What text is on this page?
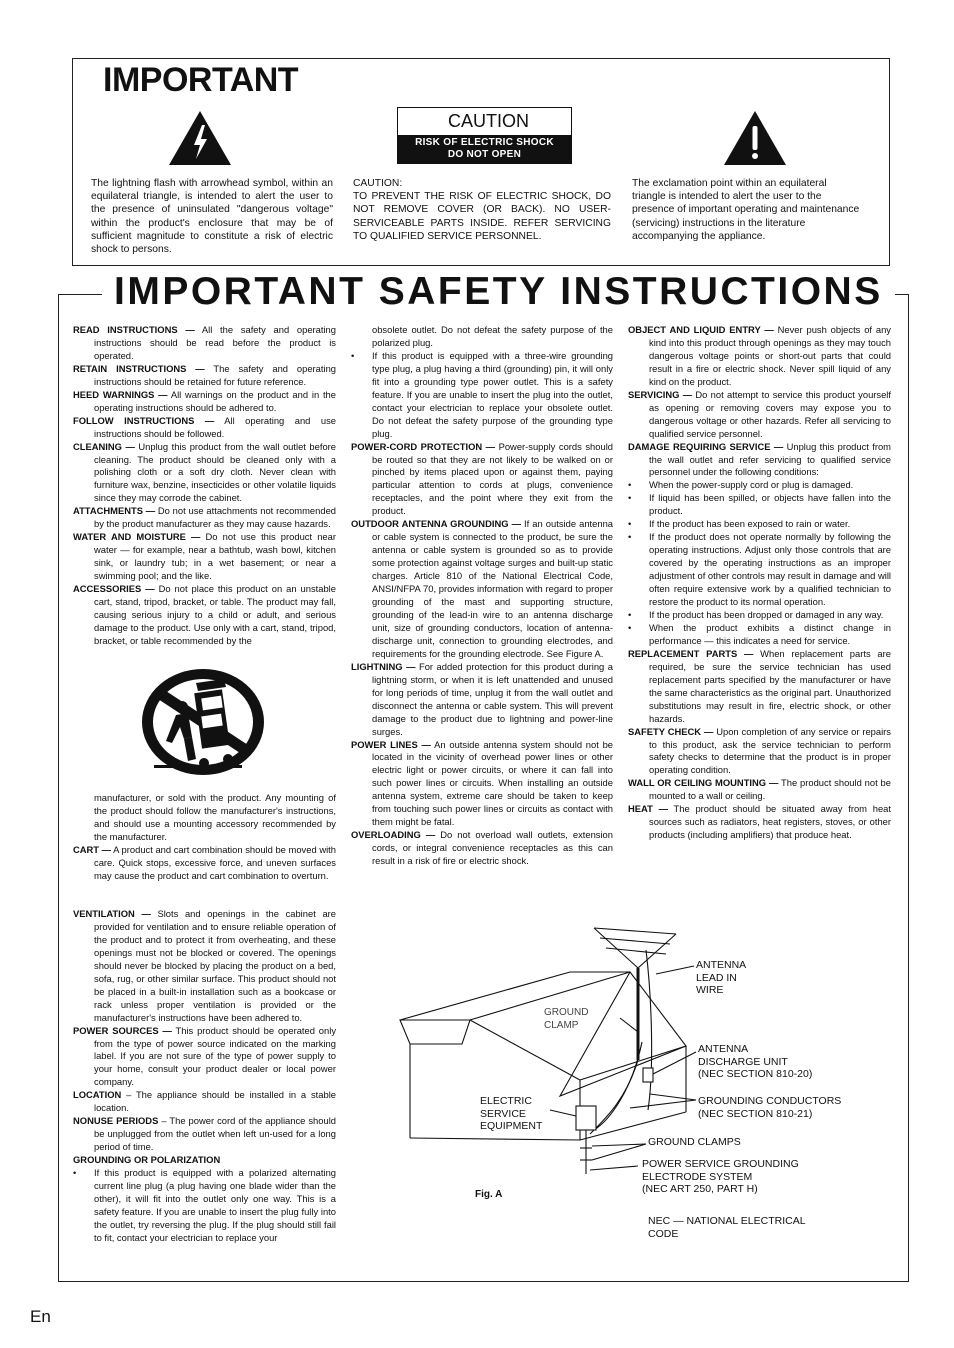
IMPORTANT
CAUTION
RISK OF ELECTRIC SHOCK
DO NOT OPEN
The lightning flash with arrowhead symbol, within an equilateral triangle, is intended to alert the user to the presence of uninsulated "dangerous voltage" within the product's enclosure that may be of sufficient magnitude to constitute a risk of electric shock to persons.
CAUTION:
TO PREVENT THE RISK OF ELECTRIC SHOCK, DO NOT REMOVE COVER (OR BACK). NO USER-SERVICEABLE PARTS INSIDE. REFER SERVICING TO QUALIFIED SERVICE PERSONNEL.
The exclamation point within an equilateral triangle is intended to alert the user to the presence of important operating and maintenance (servicing) instructions in the literature accompanying the appliance.
IMPORTANT SAFETY INSTRUCTIONS

READ INSTRUCTIONS — All the safety and operating instructions should be read before the product is operated.

RETAIN INSTRUCTIONS — The safety and operating instructions should be retained for future reference.

HEED WARNINGS — All warnings on the product and in the operating instructions should be adhered to.

FOLLOW INSTRUCTIONS — All operating and use instructions should be followed.

CLEANING — Unplug this product from the wall outlet before cleaning. The product should be cleaned only with a polishing cloth or a soft dry cloth. Never clean with furniture wax, benzine, insecticides or other volatile liquids since they may corrode the cabinet.

ATTACHMENTS — Do not use attachments not recommended by the product manufacturer as they may cause hazards.

WATER AND MOISTURE — Do not use this product near water — for example, near a bathtub, wash bowl, kitchen sink, or laundry tub; in a wet basement; or near a swimming pool; and the like.

ACCESSORIES — Do not place this product on an unstable cart, stand, tripod, bracket, or table. The product may fall, causing serious injury to a child or adult, and serious damage to the product. Use only with a cart, stand, tripod, bracket, or table recommended by the

manufacturer, or sold with the product. Any mounting of the product should follow the manufacturer's instructions, and should use a mounting accessory recommended by the manufacturer.

CART — A product and cart combination should be moved with care. Quick stops, excessive force, and uneven surfaces may cause the product and cart combination to overturn.

VENTILATION — Slots and openings in the cabinet are provided for ventilation and to ensure reliable operation of the product and to protect it from overheating, and these openings must not be blocked or covered. The openings should never be blocked by placing the product on a bed, sofa, rug, or other similar surface. This product should not be placed in a built-in installation such as a bookcase or rack unless proper ventilation is provided or the manufacturer's instructions have been adhered to.

POWER SOURCES — This product should be operated only from the type of power source indicated on the marking label. If you are not sure of the type of power supply to your home, consult your product dealer or local power company.

LOCATION – The appliance should be installed in a stable location.

NONUSE PERIODS – The power cord of the appliance should be unplugged from the outlet when left un-used for a long period of time.

GROUNDING OR POLARIZATION

• If this product is equipped with a polarized alternating current line plug (a plug having one blade wider than the other), it will fit into the outlet only one way. This is a safety feature. If you are unable to insert the plug fully into the outlet, try reversing the plug. If the plug should still fail to fit, contact your electrician to replace your

obsolete outlet. Do not defeat the safety purpose of the polarized plug.

• If this product is equipped with a three-wire grounding type plug, a plug having a third (grounding) pin, it will only fit into a grounding type power outlet. This is a safety feature. If you are unable to insert the plug into the outlet, contact your electrician to replace your obsolete outlet. Do not defeat the safety purpose of the grounding type plug.

POWER-CORD PROTECTION — Power-supply cords should be routed so that they are not likely to be walked on or pinched by items placed upon or against them, paying particular attention to cords at plugs, convenience receptacles, and the point where they exit from the product.

OUTDOOR ANTENNA GROUNDING — If an outside antenna or cable system is connected to the product, be sure the antenna or cable system is grounded so as to provide some protection against voltage surges and built-up static charges. Article 810 of the National Electrical Code, ANSI/NFPA 70, provides information with regard to proper grounding of the mast and supporting structure, grounding of the lead-in wire to an antenna discharge unit, size of grounding conductors, location of antenna-discharge unit, connection to grounding electrodes, and requirements for the grounding electrode. See Figure A.

LIGHTNING — For added protection for this product during a lightning storm, or when it is left unattended and unused for long periods of time, unplug it from the wall outlet and disconnect the antenna or cable system. This will prevent damage to the product due to lightning and power-line surges.

POWER LINES — An outside antenna system should not be located in the vicinity of overhead power lines or other electric light or power circuits, or where it can fall into such power lines or circuits. When installing an outside antenna system, extreme care should be taken to keep from touching such power lines or circuits as contact with them might be fatal.

OVERLOADING — Do not overload wall outlets, extension cords, or integral convenience receptacles as this can result in a risk of fire or electric shock.

OBJECT AND LIQUID ENTRY — Never push objects of any kind into this product through openings as they may touch dangerous voltage points or short-out parts that could result in a fire or electric shock. Never spill liquid of any kind on the product.

SERVICING — Do not attempt to service this product yourself as opening or removing covers may expose you to dangerous voltage or other hazards. Refer all servicing to qualified service personnel.

DAMAGE REQUIRING SERVICE — Unplug this product from the wall outlet and refer servicing to qualified service personnel under the following conditions:

• When the power-supply cord or plug is damaged.
• If liquid has been spilled, or objects have fallen into the product.
• If the product has been exposed to rain or water.
• If the product does not operate normally by following the operating instructions. Adjust only those controls that are covered by the operating instructions as an improper adjustment of other controls may result in damage and will often require extensive work by a qualified technician to restore the product to its normal operation.
• If the product has been dropped or damaged in any way.
• When the product exhibits a distinct change in performance — this indicates a need for service.

REPLACEMENT PARTS — When replacement parts are required, be sure the service technician has used replacement parts specified by the manufacturer or have the same characteristics as the original part. Unauthorized substitutions may result in fire, electric shock, or other hazards.

SAFETY CHECK — Upon completion of any service or repairs to this product, ask the service technician to perform safety checks to determine that the product is in proper operating condition.

WALL OR CEILING MOUNTING — The product should not be mounted to a wall or ceiling.

HEAT — The product should be situated away from heat sources such as radiators, heat registers, stoves, or other products (including amplifiers) that produce heat.

ANTENNA
LEAD IN
WIRE
GROUND
CLAMP
ANTENNA
DISCHARGE UNIT
(NEC SECTION 810-20)
ELECTRIC
SERVICE
EQUIPMENT
GROUNDING CONDUCTORS
(NEC SECTION 810-21)
GROUND CLAMPS
POWER SERVICE GROUNDING
ELECTRODE SYSTEM
(NEC ART 250, PART H)
NEC — NATIONAL ELECTRICAL
CODE
Fig. A
En
